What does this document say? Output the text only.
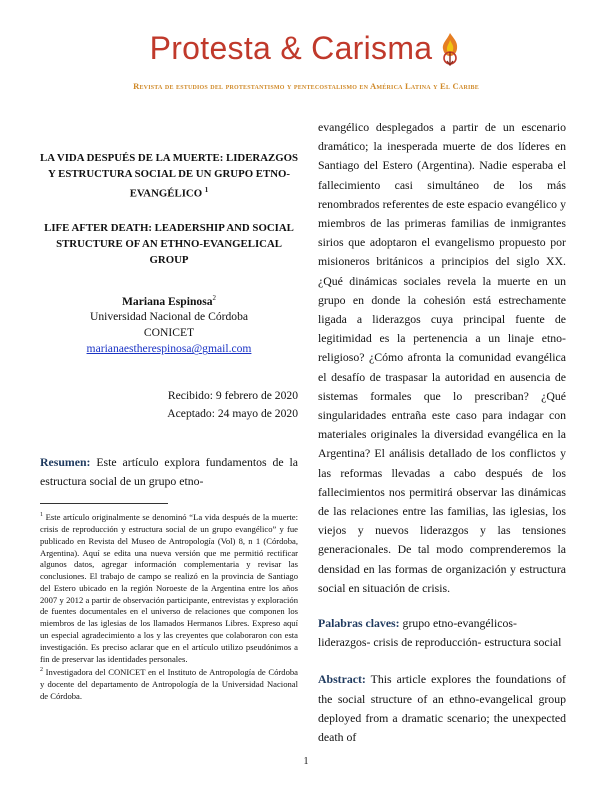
Protesta & Carisma
Revista de estudios del protestantismo y pentecostalismo en América Latina y El Caribe

LA VIDA DESPUÉS DE LA MUERTE: LIDERAZGOS Y ESTRUCTURA SOCIAL DE UN GRUPO ETNO-EVANGÉLICO $^1$

LIFE AFTER DEATH: LEADERSHIP AND SOCIAL STRUCTURE OF AN ETHNO-EVANGELICAL GROUP

Mariana Espinosa$^2$
Universidad Nacional de Córdoba
CONICET
marianaestherespinosa@gmail.com
Recibido: 9 febrero de 2020
Aceptado: 24 mayo de 2020

Resumen: Este artículo explora fundamentos de la estructura social de un grupo etno-

$^1$ Este artículo originalmente se denominó “La vida después de la muerte: crisis de reproducción y estructura social de un grupo evangélico” y fue publicado en Revista del Museo de Antropología (Vol) 8, n 1 (Córdoba, Argentina). Aquí se edita una nueva versión que me permitió rectificar algunos datos, agregar información complementaria y revisar las conclusiones. El trabajo de campo se realizó en la provincia de Santiago del Estero ubicado en la región Noroeste de la Argentina entre los años 2007 y 2012 a partir de observación participante, entrevistas y exploración de fuentes documentales en el universo de relaciones que componen los miembros de las iglesias de los llamados Hermanos Libres. Expreso aquí un especial agradecimiento a los y las creyentes que colaboraron con esta investigación. Es preciso aclarar que en el artículo utilizo pseudónimos a fin de preservar las identidades personales.

$^2$ Investigadora del CONICET en el Instituto de Antropología de Córdoba y docente del departamento de Antropología de la Universidad Nacional de Córdoba.

evangélico desplegados a partir de un escenario dramático; la inesperada muerte de dos líderes en Santiago del Estero (Argentina). Nadie esperaba el fallecimiento casi simultáneo de los más renombrados referentes de este espacio evangélico y miembros de las primeras familias de inmigrantes sirios que adoptaron el evangelismo propuesto por misioneros británicos a principios del siglo XX. ¿Qué dinámicas sociales revela la muerte en un grupo en donde la cohesión está estrechamente ligada a liderazgos cuya principal fuente de legitimidad es la pertenencia a un linaje etno-religioso? ¿Cómo afronta la comunidad evangélica el desafío de traspasar la autoridad en ausencia de sistemas formales que lo prescriban? ¿Qué singularidades entraña este caso para indagar con materiales originales la diversidad evangélica en la Argentina? El análisis detallado de los conflictos y las reformas llevadas a cabo después de los fallecimientos nos permitirá observar las dinámicas de las relaciones entre las familias, las iglesias, los viejos y nuevos liderazgos y las tensiones generacionales. De tal modo comprenderemos la densidad en las formas de organización y estructura social en situación de crisis.

Palabras claves: grupo etno-evangélicos-liderazgos- crisis de reproducción- estructura social

Abstract: This article explores the foundations of the social structure of an ethno-evangelical group deployed from a dramatic scenario; the unexpected death of

1
